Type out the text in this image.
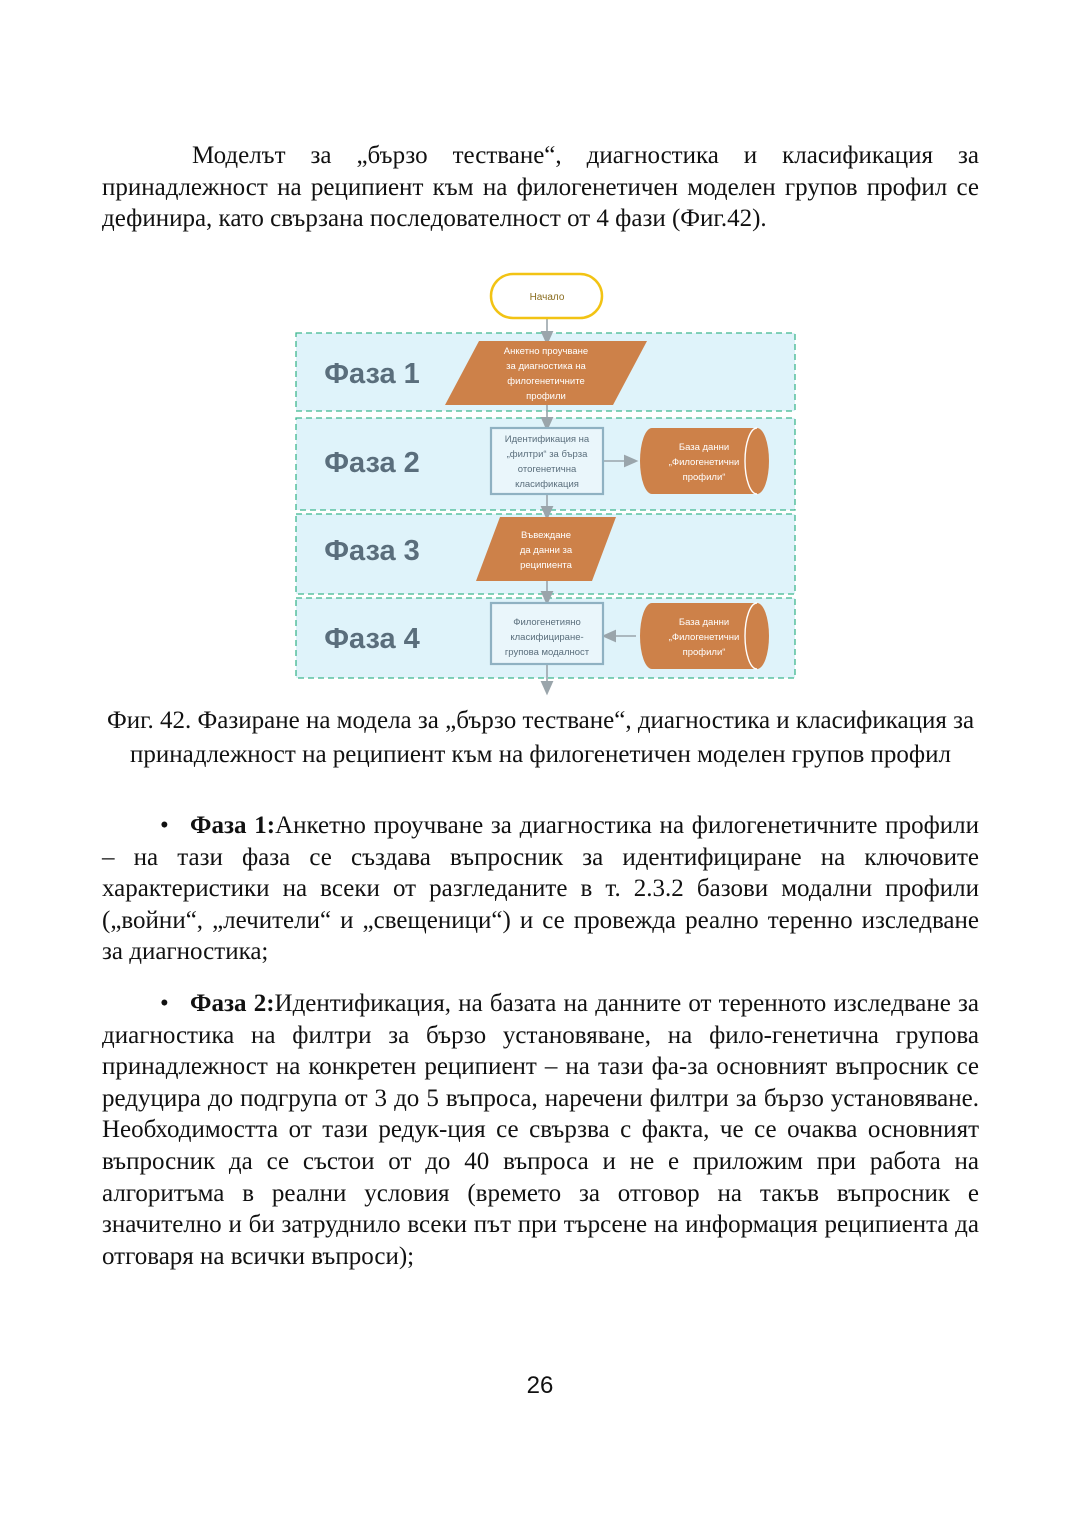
Моделът за „бързо тестване“, диагностика и класификация за принадлежност на реципиент към на филогенетичен моделен групов профил се дефинира, като свързана последователност от 4 фази (Фиг.42).

Фаза 1
Фаза 2
Фаза 3
Фаза 4
Начало
Анкетно проучване
за диагностика на
филогенетичните
профили
Идентификация на
„филтри“ за бърза
отогенетична
класификация
База данни
„Филогенетични
профили“
Въвеждане
да данни за
реципиента
Филогенетияно
класифициране-
групова модалност
База данни
„Филогенетични
профили“

Фиг. 42. Фазиране на модела за „бързо тестване“, диагностика и класификация за принадлежност на реципиент към на филогенетичен моделен групов профил

• Фаза 1:Анкетно проучване за диагностика на филогенетичните профили – на тази фаза се създава въпросник за идентифициране на ключовите характеристики на всеки от разгледаните в т. 2.3.2 базови модални профили („войни“, „лечители“ и „свещеници“) и се провежда реално теренно изследване за диагностика;

• Фаза 2:Идентификация, на базата на данните от теренното изследване за диагностика на филтри за бързо установяване, на фило-генетична групова принадлежност на конкретен реципиент – на тази фа-за основният въпросник се редуцира до подгрупа от 3 до 5 въпроса, наречени филтри за бързо установяване. Необходимостта от тази редук-ция се свързва с факта, че се очаква основният въпросник да се състои от до 40 въпроса и не е приложим при работа на алгоритъма в реални условия (времето за отговор на такъв въпросник е значително и би затруднило всеки път при търсене на информация реципиента да отговаря на всички въпроси);

26
